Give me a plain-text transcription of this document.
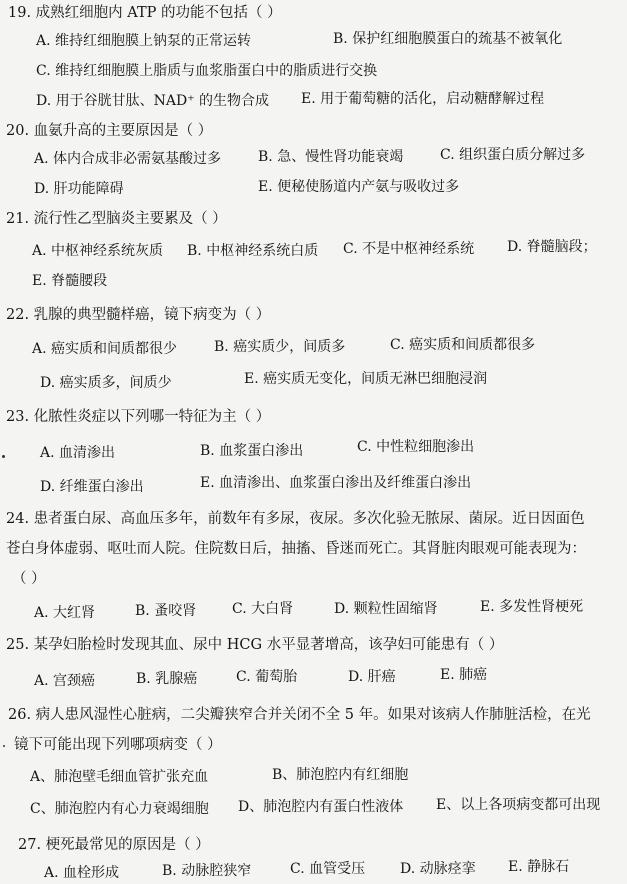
19. 成熟红细胞内 ATP 的功能不包括（ ）
A. 维持红细胞膜上钠泵的正常运转	B. 保护红细胞膜蛋白的巯基不被氧化
C. 维持红细胞膜上脂质与血浆脂蛋白中的脂质进行交换
D. 用于谷胱甘肽、NAD⁺ 的生物合成 E. 用于葡萄糖的活化，启动糖酵解过程
20. 血氨升高的主要原因是（ ）
A. 体内合成非必需氨基酸过多	B. 急、慢性肾功能衰竭	C. 组织蛋白质分解过多
D. 肝功能障碍	E. 便秘使肠道内产氨与吸收过多
21. 流行性乙型脑炎主要累及（ ）
A. 中枢神经系统灰质 B. 中枢神经系统白质 C. 不是中枢神经系统 D. 脊髓脑段；
E. 脊髓腰段
22. 乳腺的典型髓样癌，镜下病变为（ ）
A. 癌实质和间质都很少	B. 癌实质少，间质多	C. 癌实质和间质都很多
D. 癌实质多，间质少	E. 癌实质无变化，间质无淋巴细胞浸润
23. 化脓性炎症以下列哪一特征为主（ ）
A. 血清渗出	B. 血浆蛋白渗出	C. 中性粒细胞渗出
D. 纤维蛋白渗出	E. 血清渗出、血浆蛋白渗出及纤维蛋白渗出
24. 患者蛋白尿、高血压多年，前数年有多尿，夜尿。多次化验无脓尿、菌尿。近日因面色
苍白身体虚弱、呕吐而人院。住院数日后，抽搐、昏迷而死亡。其肾脏肉眼观可能表现为：
（ ）
A. 大红肾	B. 蚤咬肾	C. 大白肾	D. 颗粒性固缩肾	E. 多发性肾梗死
25. 某孕妇胎检时发现其血、尿中 HCG 水平显著增高，该孕妇可能患有（ ）
A. 宫颈癌	B. 乳腺癌	C. 葡萄胎	D. 肝癌	E. 肺癌
26. 病人患风湿性心脏病，二尖瓣狭窄合并关闭不全 5 年。如果对该病人作肺脏活检，在光
镜下可能出现下列哪项病变（ ）
A、肺泡壁毛细血管扩张充血	B、肺泡腔内有红细胞
C、肺泡腔内有心力衰竭细胞 D、肺泡腔内有蛋白性液体 E、以上各项病变都可出现
27. 梗死最常见的原因是（ ）
A. 血栓形成	B. 动脉腔狭窄	C. 血管受压 D. 动脉痉挛 E. 静脉石
